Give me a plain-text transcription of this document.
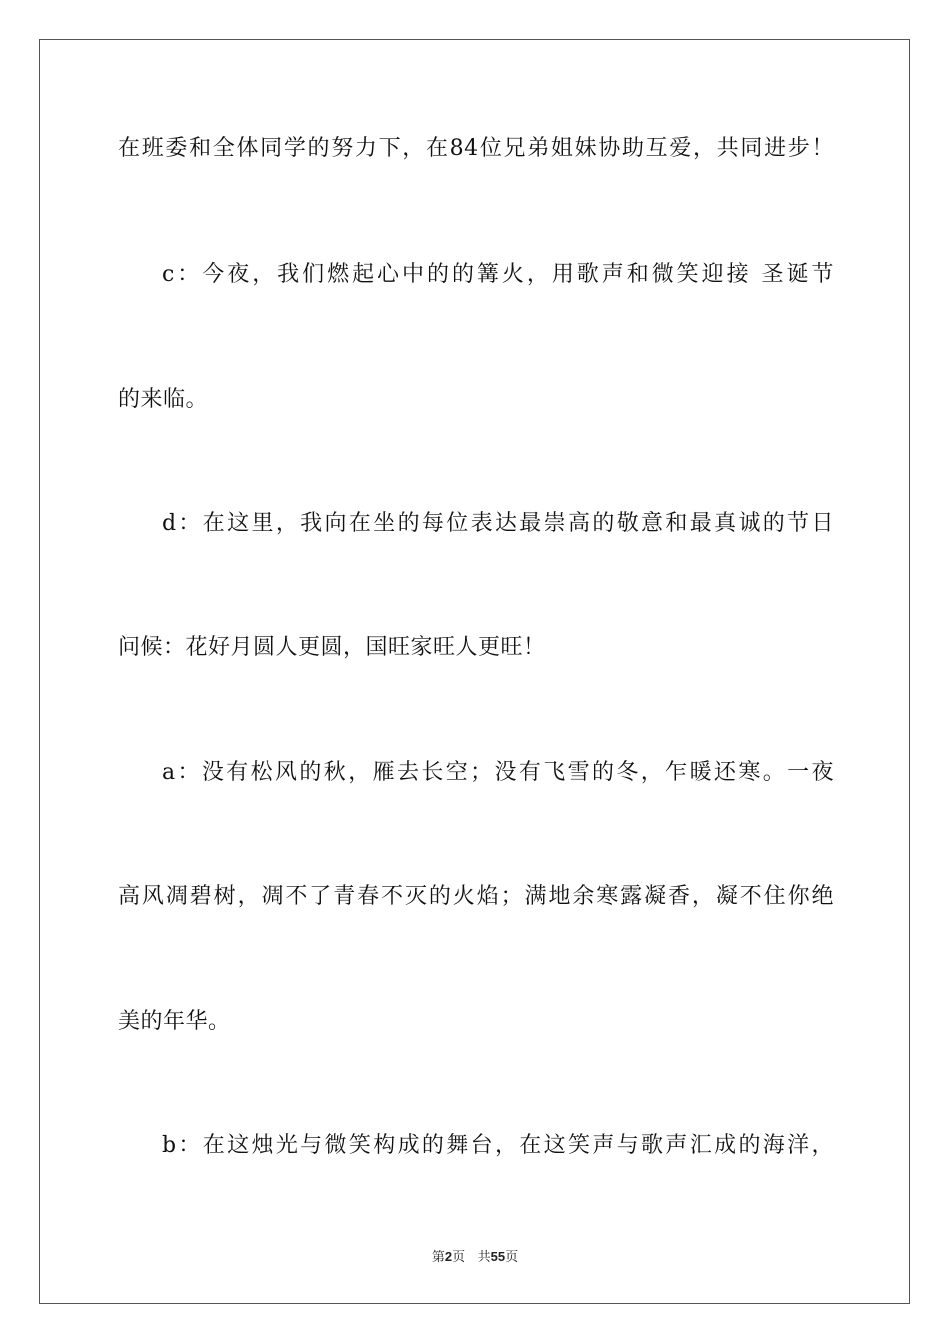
在班委和全体同学的努力下，在84位兄弟姐妹协助互爱，共同进步！
c：今夜，我们燃起心中的的篝火，用歌声和微笑迎接 圣诞节
的来临。
d：在这里，我向在坐的每位表达最崇高的敬意和最真诚的节日
问候：花好月圆人更圆，国旺家旺人更旺！
a：没有松风的秋，雁去长空；没有飞雪的冬，乍暖还寒。一夜
高风凋碧树，凋不了青春不灭的火焰；满地余寒露凝香，凝不住你绝
美的年华。
b：在这烛光与微笑构成的舞台，在这笑声与歌声汇成的海洋，
第2页 共55页
